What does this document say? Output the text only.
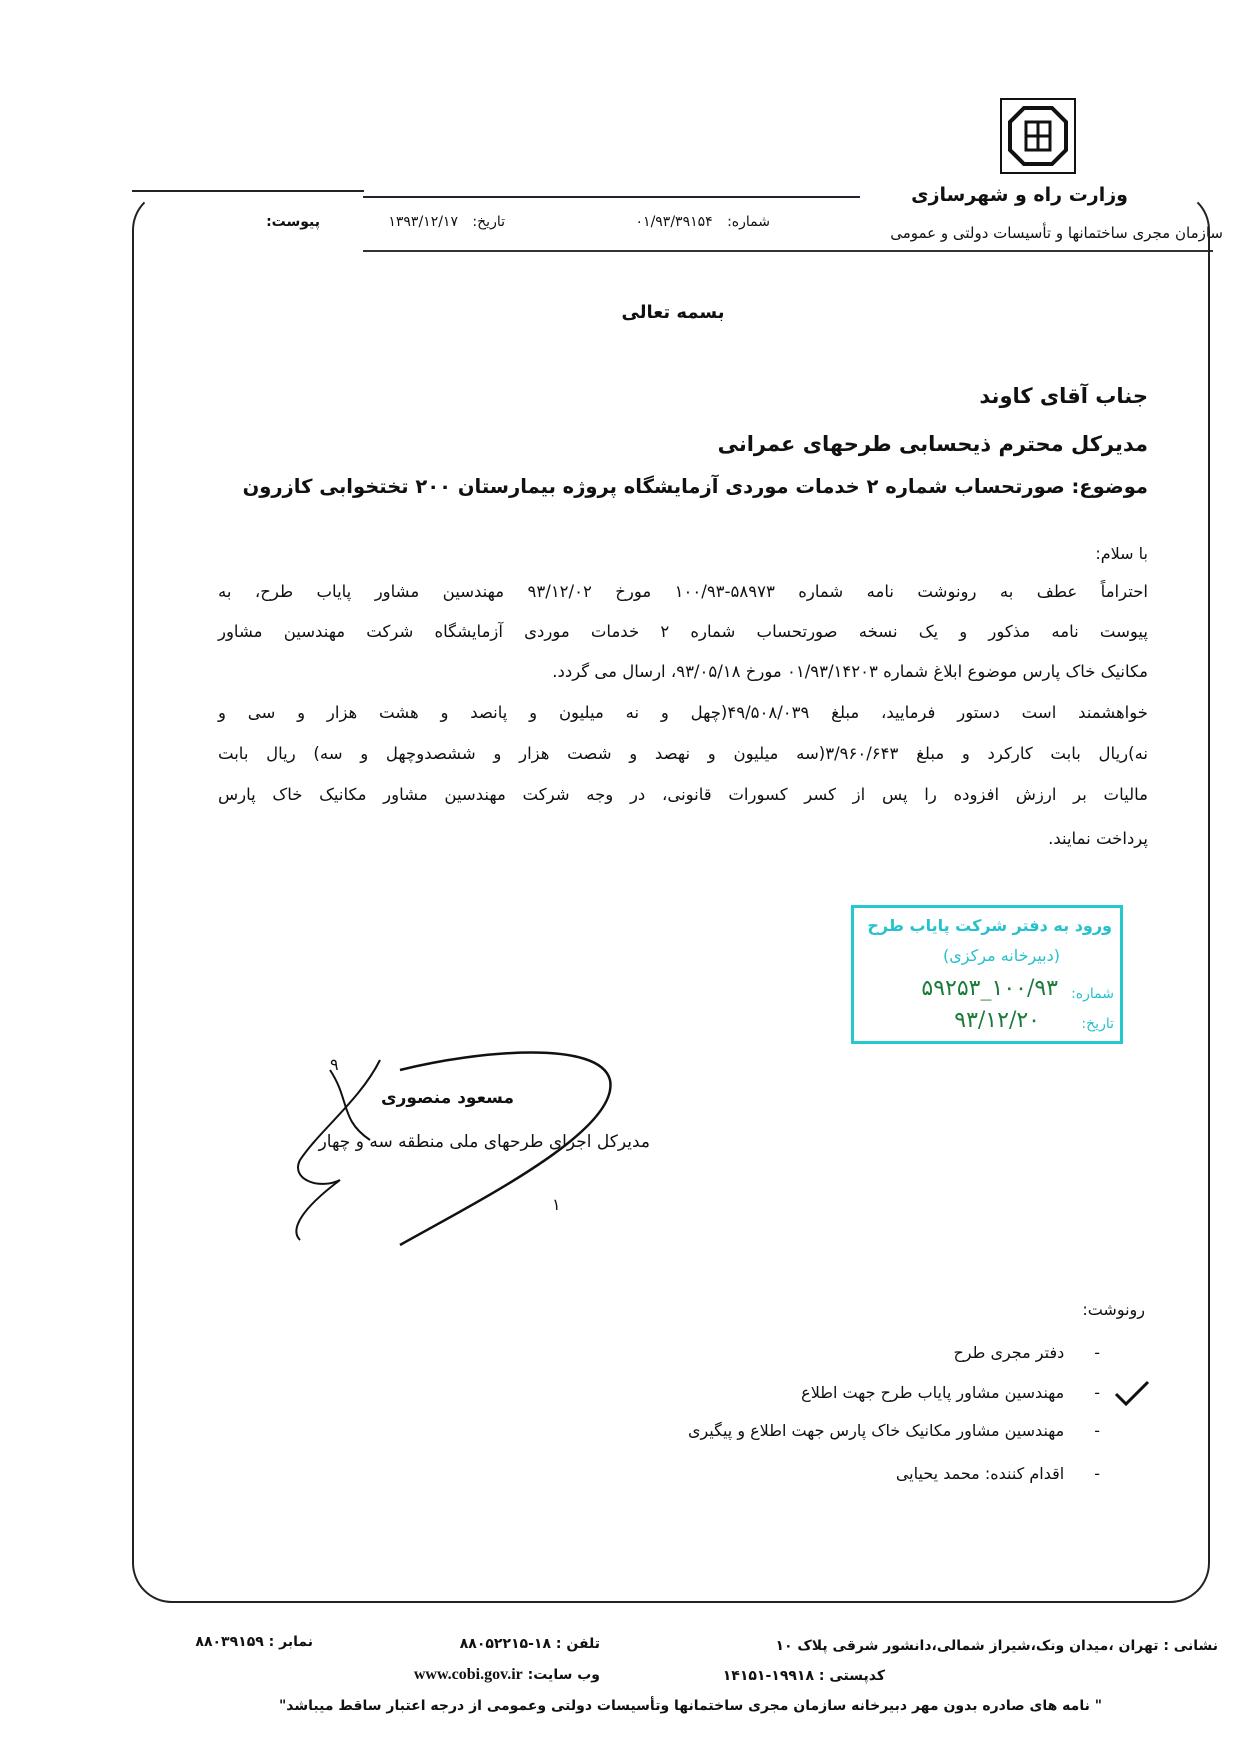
وزارت راه و شهرسازی
سازمان مجری ساختمانها و تأسیسات دولتی و عمومی
شماره: ۰۱/۹۳/۳۹۱۵۴
تاریخ: ۱۳۹۳/۱۲/۱۷
پیوست:
بسمه تعالی
جناب آقای کاوند
مدیرکل محترم ذیحسابی طرحهای عمرانی
موضوع: صورتحساب شماره ۲ خدمات موردی آزمایشگاه پروژه بیمارستان ۲۰۰ تختخوابی کازرون
با سلام:
احتراماً عطف به رونوشت نامه شماره ۵۸۹۷۳-۱۰۰/۹۳ مورخ ۹۳/۱۲/۰۲ مهندسین مشاور پایاب طرح، به
پیوست نامه مذکور و یک نسخه صورتحساب شماره ۲ خدمات موردی آزمایشگاه شرکت مهندسین مشاور
مکانیک خاک پارس موضوع ابلاغ شماره ۰۱/۹۳/۱۴۲۰۳ مورخ ۹۳/۰۵/۱۸، ارسال می گردد.
خواهشمند است دستور فرمایید، مبلغ ۴۹/۵۰۸/۰۳۹(چهل و نه میلیون و پانصد و هشت هزار و سی و
نه)ریال بابت کارکرد و مبلغ ۳/۹۶۰/۶۴۳(سه میلیون و نهصد و شصت هزار و ششصدوچهل و سه) ریال بابت
مالیات بر ارزش افزوده را پس از کسر کسورات قانونی، در وجه شرکت مهندسین مشاور مکانیک خاک پارس
پرداخت نمایند.
ورود به دفتر شرکت پایاب طرح
(دبیرخانه مرکزی)
شماره:
۱۰۰/۹۳_۵۹۲۵۳
تاریخ:
۹۳/۱۲/۲۰
٩
١
مسعود منصوری
مدیرکل اجرای طرحهای ملی منطقه سه و چهار
رونوشت:
-دفتر مجری طرح
-مهندسین مشاور پایاب طرح جهت اطلاع
-مهندسین مشاور مکانیک خاک پارس جهت اطلاع و پیگیری
-اقدام کننده: محمد یحیایی
نشانی : تهران ،میدان ونک،شیراز شمالی،دانشور شرقی پلاک ۱۰
تلفن : ۱۸-۸۸۰۵۲۲۱۵
نمابر : ۸۸۰۳۹۱۵۹
کدپستی : ۱۹۹۱۸-۱۴۱۵۱
وب سایت: www.cobi.gov.ir
" نامه های صادره بدون مهر دبیرخانه سازمان مجری ساختمانها وتأسیسات دولتی وعمومی از درجه اعتبار ساقط میباشد"
